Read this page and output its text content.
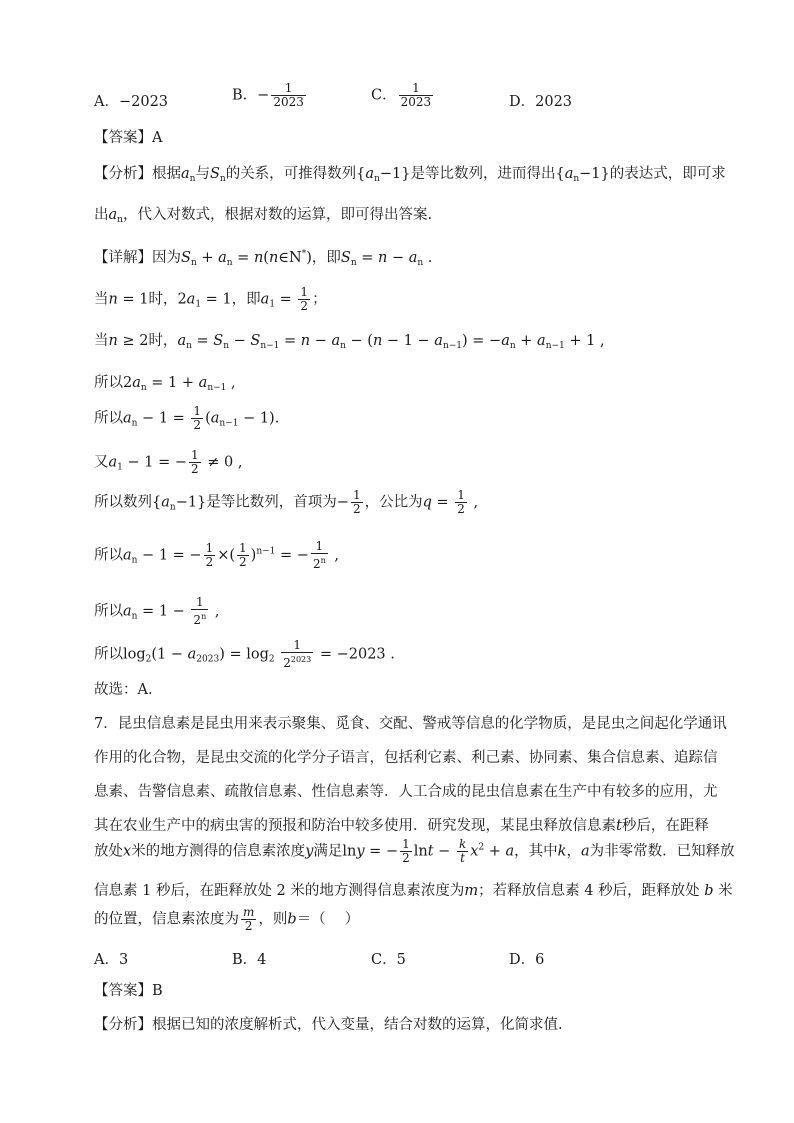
A．−2023	B．− $\frac{1}{2023}$	C． $\frac{1}{2023}$	D．2023
【答案】A
【分析】根据$a_n$与$S_n$的关系，可推得数列$\{a_n-1\}$是等比数列，进而得出$\{a_n-1\}$的表达式，即可求
出$a_n$，代入对数式，根据对数的运算，即可得出答案.
【详解】因为$S_n + a_n$ = n(n∈N*)，即$S_n = n - a_n$ .
当n = 1时，$2a_1 = 1$，即$a_1 = \frac{1}{2}$ ；
当n ≥ 2时，$a_n = S_n - S_{n-1} = n - a_n - (n - 1 - a_{n-1}) = -a_n + a_{n-1} + 1$ ,
所以$2a_n = 1 + a_{n-1}$ ,
所以$a_n - 1 = \frac{1}{2} (a_{n-1} - 1)$.
又$a_1 - 1$ = − $\frac{1}{2} \ne 0$ ,
所以数列$\{a_n-1\}$是等比数列，首项为− $\frac{1}{2}$ ，公比为$q = \frac{1}{2}$ ,
所以$a_n - 1$ = − $\frac{1}{2}$ ×( $\frac{1}{2} )^{n-1}$ = − $\frac{1}{2^n}$ ,
所以$a_n = 1 - \frac{1}{2^n}$ ,
所以$\log_2(1 - a_{2023}) = \log_2 \frac{1}{2^{2023}} = -2023$ .
故选：A.
7．昆虫信息素是昆虫用来表示聚集、觅食、交配、警戒等信息的化学物质，是昆虫之间起化学通讯
作用的化合物，是昆虫交流的化学分子语言，包括利它素、利己素、协同素、集合信息素、追踪信
息素、告警信息素、疏散信息素、性信息素等．人工合成的昆虫信息素在生产中有较多的应用，尤
其在农业生产中的病虫害的预报和防治中较多使用．研究发现，某昆虫释放信息素t秒后，在距释
放处x米的地方测得的信息素浓度y满足lny = − $\frac{1}{2}$ $\ln t - \frac{k}{t} x^2 + a$，其中k，a为非零常数．已知释放
信息素 1 秒后，在距释放处 2 米的地方测得信息素浓度为m；若释放信息素 4 秒后，距释放处 b 米
的位置，信息素浓度为 $\frac{m}{2}$ ，则b＝（　 ）
A．3	B．4	C．5	D．6
【答案】B
【分析】根据已知的浓度解析式，代入变量，结合对数的运算，化简求值.
